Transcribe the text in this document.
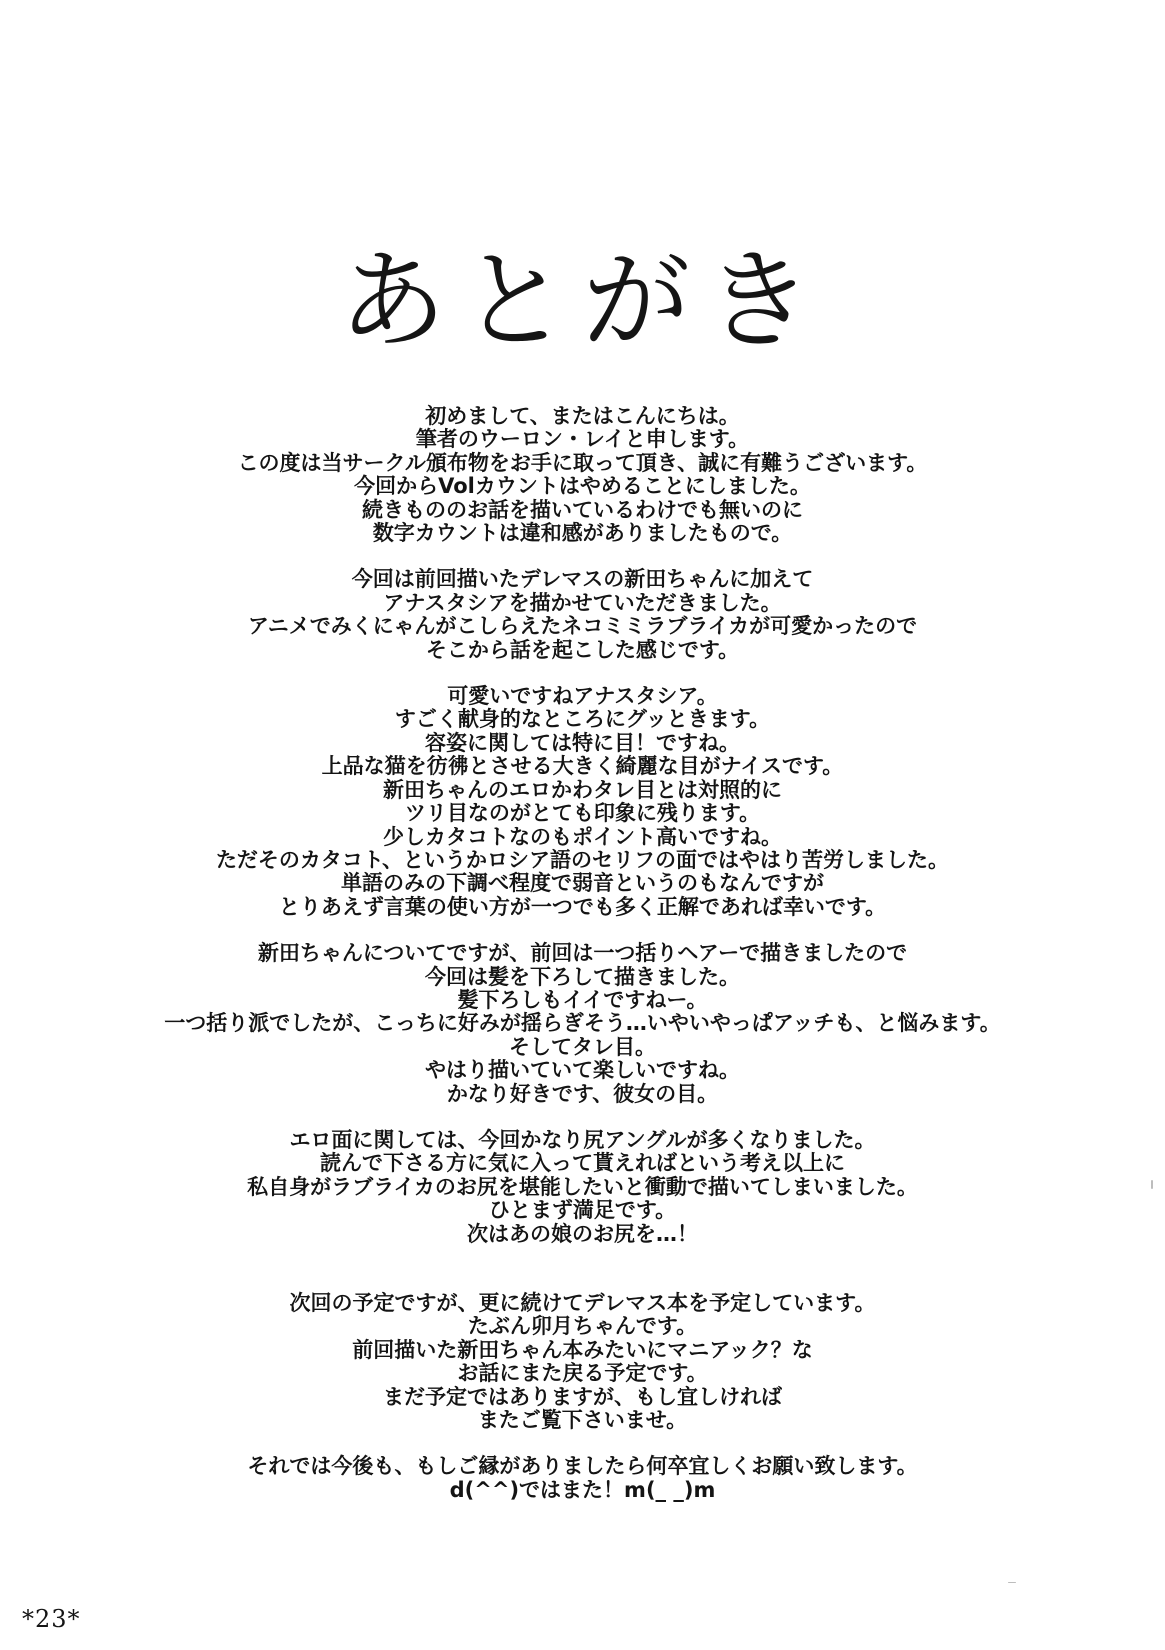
あとがき
初めまして、またはこんにちは。
筆者のウーロン・レイと申します。
この度は当サークル頒布物をお手に取って頂き、誠に有難うございます。
今回からVolカウントはやめることにしました。
続きもののお話を描いているわけでも無いのに
数字カウントは違和感がありましたもので。
今回は前回描いたデレマスの新田ちゃんに加えて
アナスタシアを描かせていただきました。
アニメでみくにゃんがこしらえたネコミミラブライカが可愛かったので
そこから話を起こした感じです。
可愛いですねアナスタシア。
すごく献身的なところにグッときます。
容姿に関しては特に目！ですね。
上品な猫を彷彿とさせる大きく綺麗な目がナイスです。
新田ちゃんのエロかわタレ目とは対照的に
ツリ目なのがとても印象に残ります。
少しカタコトなのもポイント高いですね。
ただそのカタコト、というかロシア語のセリフの面ではやはり苦労しました。
単語のみの下調べ程度で弱音というのもなんですが
とりあえず言葉の使い方が一つでも多く正解であれば幸いです。
新田ちゃんについてですが、前回は一つ括りヘアーで描きましたので
今回は髪を下ろして描きました。
髪下ろしもイイですねー。
一つ括り派でしたが、こっちに好みが揺らぎそう…いやいやっぱアッチも、と悩みます。
そしてタレ目。
やはり描いていて楽しいですね。
かなり好きです、彼女の目。
エロ面に関しては、今回かなり尻アングルが多くなりました。
読んで下さる方に気に入って貰えればという考え以上に
私自身がラブライカのお尻を堪能したいと衝動で描いてしまいました。
ひとまず満足です。
次はあの娘のお尻を…！
次回の予定ですが、更に続けてデレマス本を予定しています。
たぶん卯月ちゃんです。
前回描いた新田ちゃん本みたいにマニアック？な
お話にまた戻る予定です。
まだ予定ではありますが、もし宜しければ
またご覧下さいませ。
それでは今後も、もしご縁がありましたら何卒宜しくお願い致します。
d(^^)ではまた！m(_ _)m
*23*
